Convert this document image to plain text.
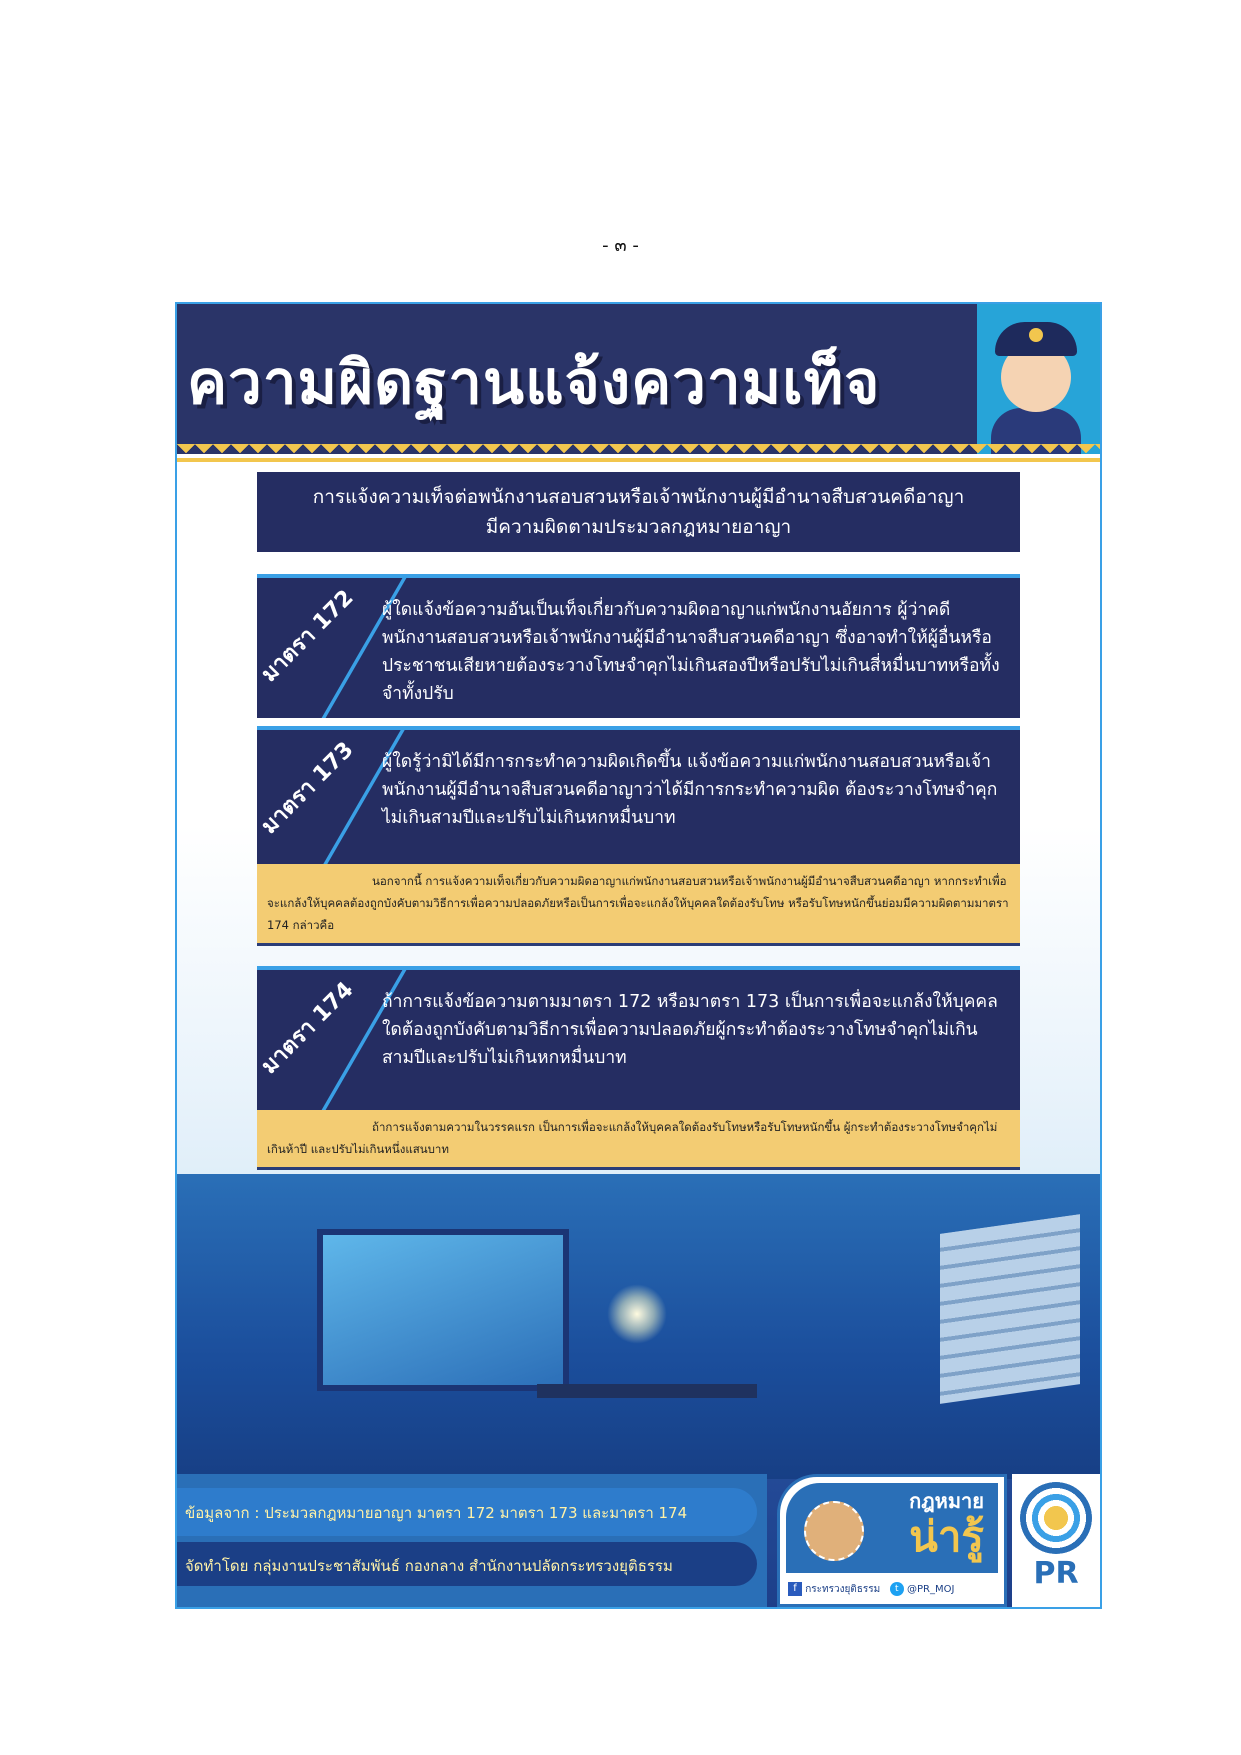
- ๓ -
ความผิดฐานแจ้งความเท็จ
การแจ้งความเท็จต่อพนักงานสอบสวนหรือเจ้าพนักงานผู้มีอำนาจสืบสวนคดีอาญา
มีความผิดตามประมวลกฎหมายอาญา
มาตรา 172 ผู้ใดแจ้งข้อความอันเป็นเท็จเกี่ยวกับความผิดอาญาแก่พนักงานอัยการ ผู้ว่าคดี พนักงานสอบสวนหรือเจ้าพนักงานผู้มีอำนาจสืบสวนคดีอาญา ซึ่งอาจทำให้ผู้อื่นหรือประชาชนเสียหายต้องระวางโทษจำคุกไม่เกินสองปีหรือปรับไม่เกินสี่หมื่นบาทหรือทั้งจำทั้งปรับ
มาตรา 173 ผู้ใดรู้ว่ามิได้มีการกระทำความผิดเกิดขึ้น แจ้งข้อความแก่พนักงานสอบสวนหรือเจ้าพนักงานผู้มีอำนาจสืบสวนคดีอาญาว่าได้มีการกระทำความผิด ต้องระวางโทษจำคุกไม่เกินสามปีและปรับไม่เกินหกหมื่นบาท
นอกจากนี้ การแจ้งความเท็จเกี่ยวกับความผิดอาญาแก่พนักงานสอบสวนหรือเจ้าพนักงานผู้มีอำนาจสืบสวนคดีอาญา หากกระทำเพื่อจะแกล้งให้บุคคลต้องถูกบังคับตามวิธีการเพื่อความปลอดภัยหรือเป็นการเพื่อจะแกล้งให้บุคคลใดต้องรับโทษ หรือรับโทษหนักขึ้นย่อมมีความผิดตามมาตรา 174 กล่าวคือ
มาตรา 174 ถ้าการแจ้งข้อความตามมาตรา 172 หรือมาตรา 173 เป็นการเพื่อจะแกล้งให้บุคคลใดต้องถูกบังคับตามวิธีการเพื่อความปลอดภัยผู้กระทำต้องระวางโทษจำคุกไม่เกินสามปีและปรับไม่เกินหกหมื่นบาท
ถ้าการแจ้งตามความในวรรคแรก เป็นการเพื่อจะแกล้งให้บุคคลใดต้องรับโทษหรือรับโทษหนักขึ้น ผู้กระทำต้องระวางโทษจำคุกไม่เกินห้าปี และปรับไม่เกินหนึ่งแสนบาท
ข้อมูลจาก : ประมวลกฎหมายอาญา มาตรา 172 มาตรา 173 และมาตรา 174
จัดทำโดย กลุ่มงานประชาสัมพันธ์ กองกลาง สำนักงานปลัดกระทรวงยุติธรรม
กฎหมาย
น่ารู้
f กระทรวงยุติธรรม t @PR_MOJ	PR
